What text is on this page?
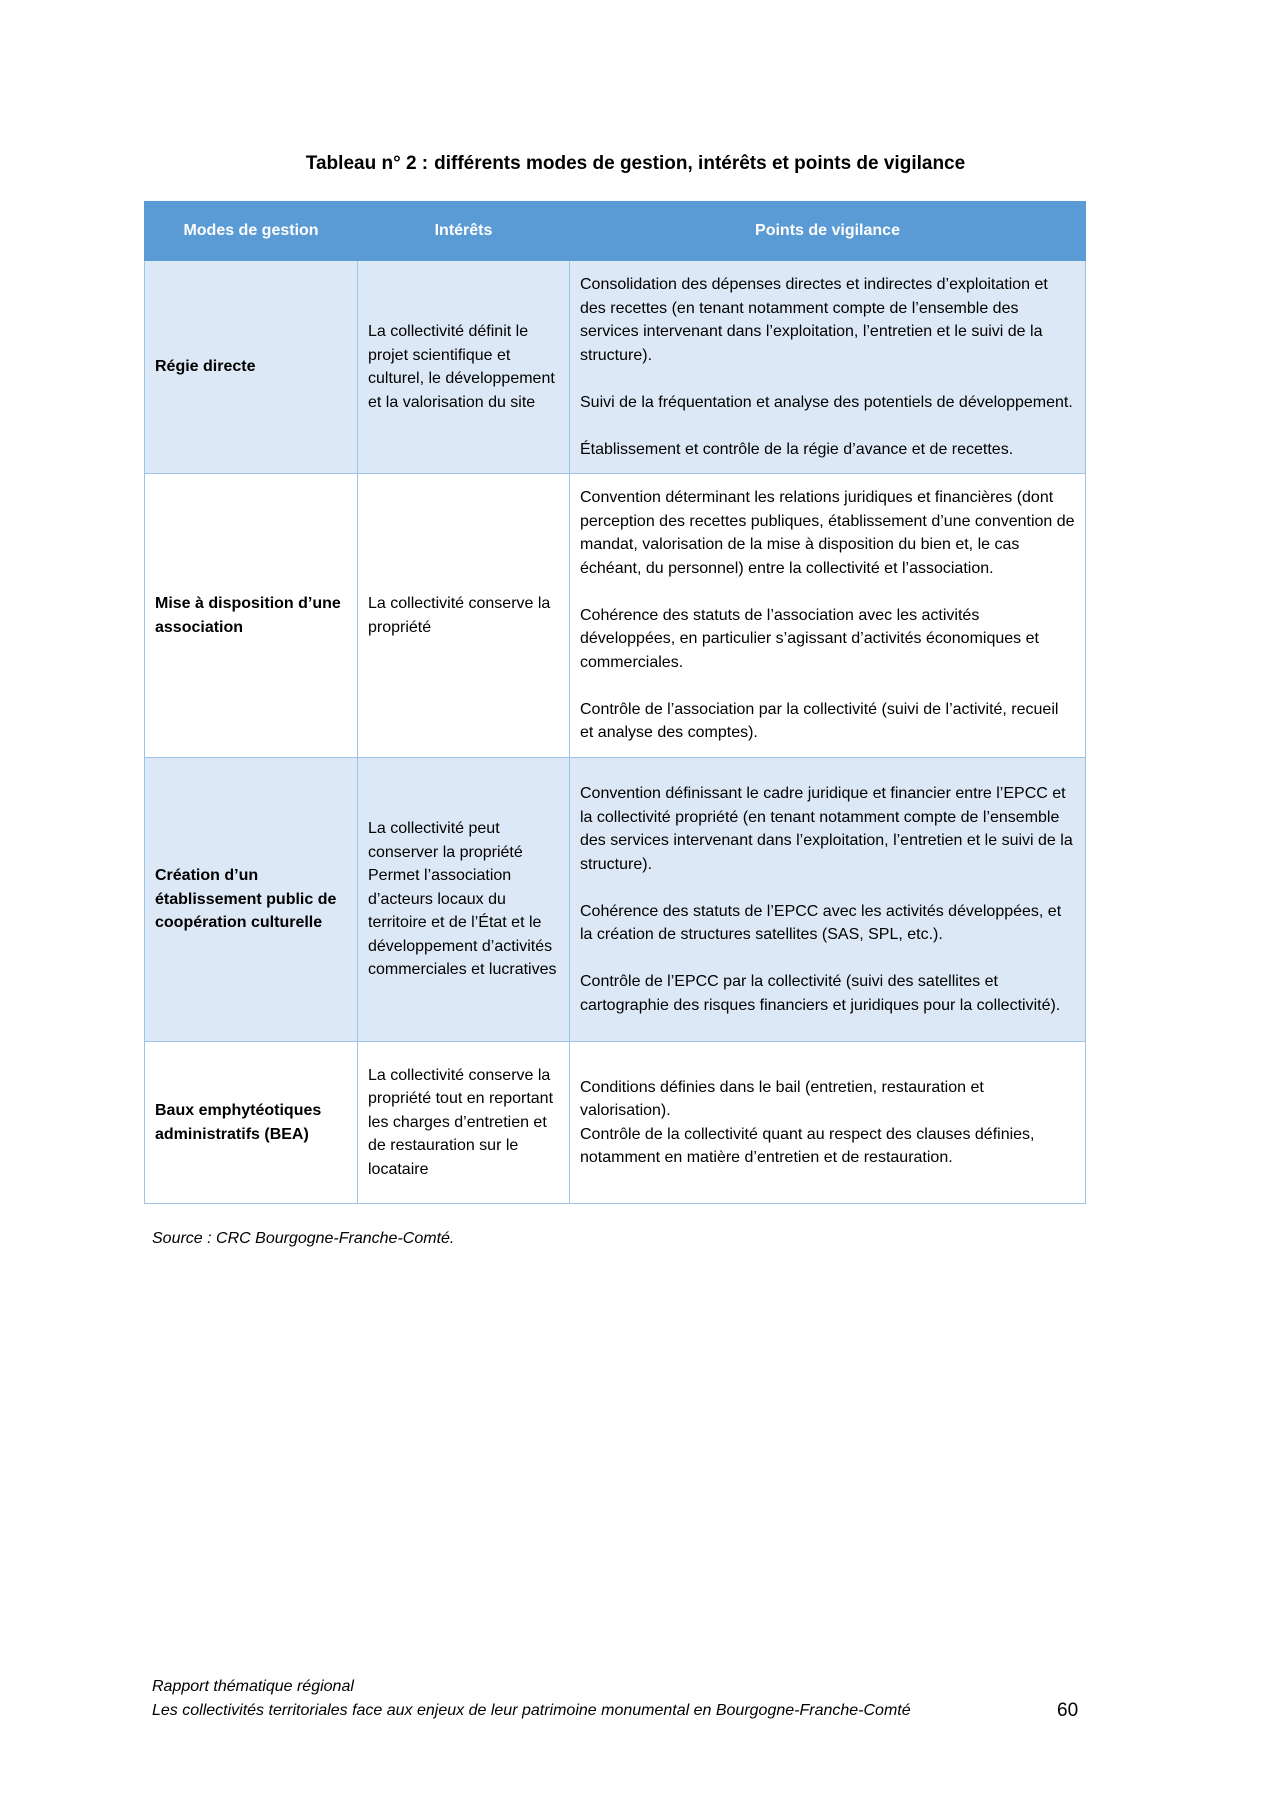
Tableau n° 2 : différents modes de gestion, intérêts et points de vigilance
Modes de gestion	Intérêts	Points de vigilance
Régie directe	La collectivité définit le projet scientifique et culturel, le développement et la valorisation du site	Consolidation des dépenses directes et indirectes d’exploitation et des recettes (en tenant notamment compte de l’ensemble des services intervenant dans l’exploitation, l’entretien et le suivi de la structure).

Suivi de la fréquentation et analyse des potentiels de développement.

Établissement et contrôle de la régie d’avance et de recettes.

Mise à disposition d’une association	La collectivité conserve la propriété	Convention déterminant les relations juridiques et financières (dont perception des recettes publiques, établissement d’une convention de mandat, valorisation de la mise à disposition du bien et, le cas échéant, du personnel) entre la collectivité et l’association.

Cohérence des statuts de l’association avec les activités développées, en particulier s’agissant d’activités économiques et commerciales.

Contrôle de l’association par la collectivité (suivi de l’activité, recueil et analyse des comptes).

Création d’un établissement public de coopération culturelle	La collectivité peut conserver la propriété Permet l’association d’acteurs locaux du territoire et de l’État et le développement d’activités commerciales et lucratives	Convention définissant le cadre juridique et financier entre l’EPCC et la collectivité propriété (en tenant notamment compte de l’ensemble des services intervenant dans l’exploitation, l’entretien et le suivi de la structure).

Cohérence des statuts de l’EPCC avec les activités développées, et la création de structures satellites (SAS, SPL, etc.).

Contrôle de l’EPCC par la collectivité (suivi des satellites et cartographie des risques financiers et juridiques pour la collectivité).

Baux emphytéotiques administratifs (BEA)	La collectivité conserve la propriété tout en reportant les charges d’entretien et de restauration sur le locataire	Conditions définies dans le bail (entretien, restauration et valorisation).

Contrôle de la collectivité quant au respect des clauses définies, notamment en matière d’entretien et de restauration.

Source : CRC Bourgogne-Franche-Comté.
Rapport thématique régional
Les collectivités territoriales face aux enjeux de leur patrimoine monumental en Bourgogne-Franche-Comté	60
